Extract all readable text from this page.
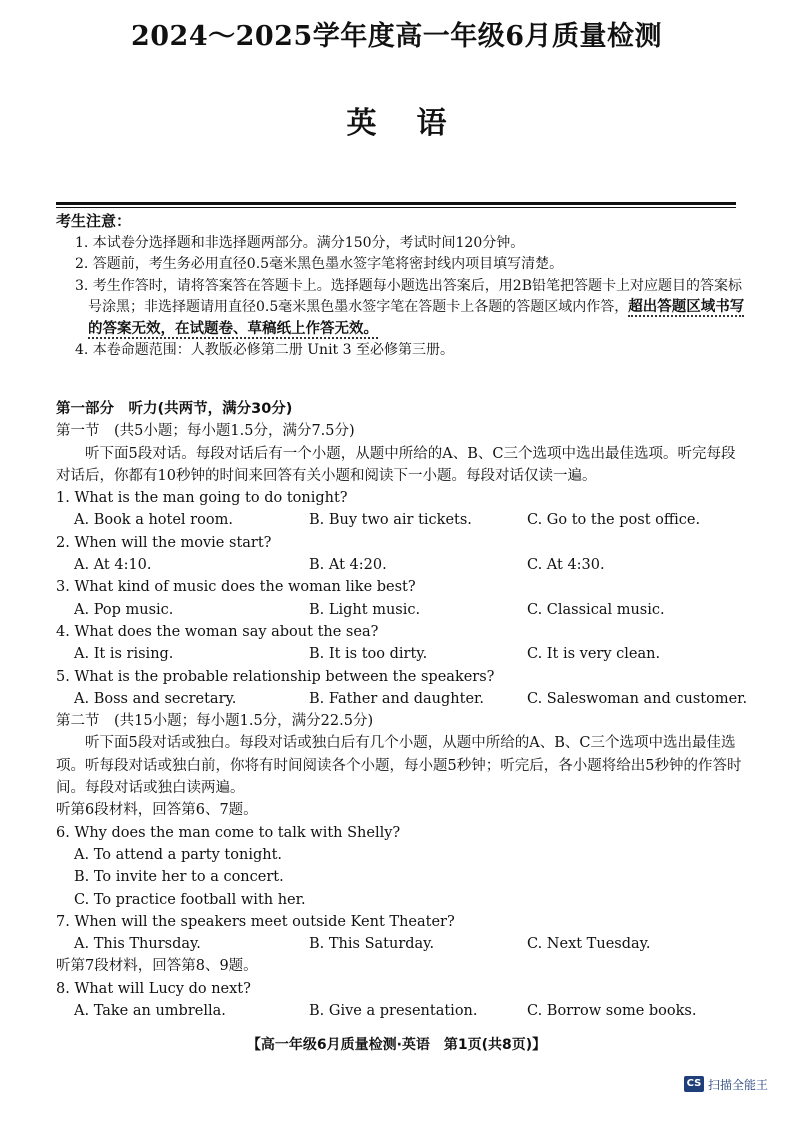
2024～2025学年度高一年级6月质量检测
英语
考生注意：
1. 本试卷分选择题和非选择题两部分。满分150分，考试时间120分钟。
2. 答题前，考生务必用直径0.5毫米黑色墨水签字笔将密封线内项目填写清楚。
3. 考生作答时，请将答案答在答题卡上。选择题每小题选出答案后，用2B铅笔把答题卡上对应题目的答案标号涂黑；非选择题请用直径0.5毫米黑色墨水签字笔在答题卡上各题的答题区域内作答，超出答题区域书写的答案无效，在试题卷、草稿纸上作答无效。
4. 本卷命题范围：人教版必修第二册 Unit 3 至必修第三册。
第一部分　听力(共两节，满分30分)
第一节　(共5小题；每小题1.5分，满分7.5分)
听下面5段对话。每段对话后有一个小题，从题中所给的A、B、C三个选项中选出最佳选项。听完每段对话后，你都有10秒钟的时间来回答有关小题和阅读下一小题。每段对话仅读一遍。
1. What is the man going to do tonight?
A. Book a hotel room.	B. Buy two air tickets.	C. Go to the post office.
2. When will the movie start?
A. At 4:10.	B. At 4:20.	C. At 4:30.
3. What kind of music does the woman like best?
A. Pop music.	B. Light music.	C. Classical music.
4. What does the woman say about the sea?
A. It is rising.	B. It is too dirty.	C. It is very clean.
5. What is the probable relationship between the speakers?
A. Boss and secretary.	B. Father and daughter.	C. Saleswoman and customer.
第二节　(共15小题；每小题1.5分，满分22.5分)
听下面5段对话或独白。每段对话或独白后有几个小题，从题中所给的A、B、C三个选项中选出最佳选项。听每段对话或独白前，你将有时间阅读各个小题，每小题5秒钟；听完后，各小题将给出5秒钟的作答时间。每段对话或独白读两遍。
听第6段材料，回答第6、7题。
6. Why does the man come to talk with Shelly?
A. To attend a party tonight.
B. To invite her to a concert.
C. To practice football with her.
7. When will the speakers meet outside Kent Theater?
A. This Thursday.	B. This Saturday.	C. Next Tuesday.
听第7段材料，回答第8、9题。
8. What will Lucy do next?
A. Take an umbrella.	B. Give a presentation.	C. Borrow some books.
【高一年级6月质量检测·英语　第1页(共8页)】
CS 扫描全能王
